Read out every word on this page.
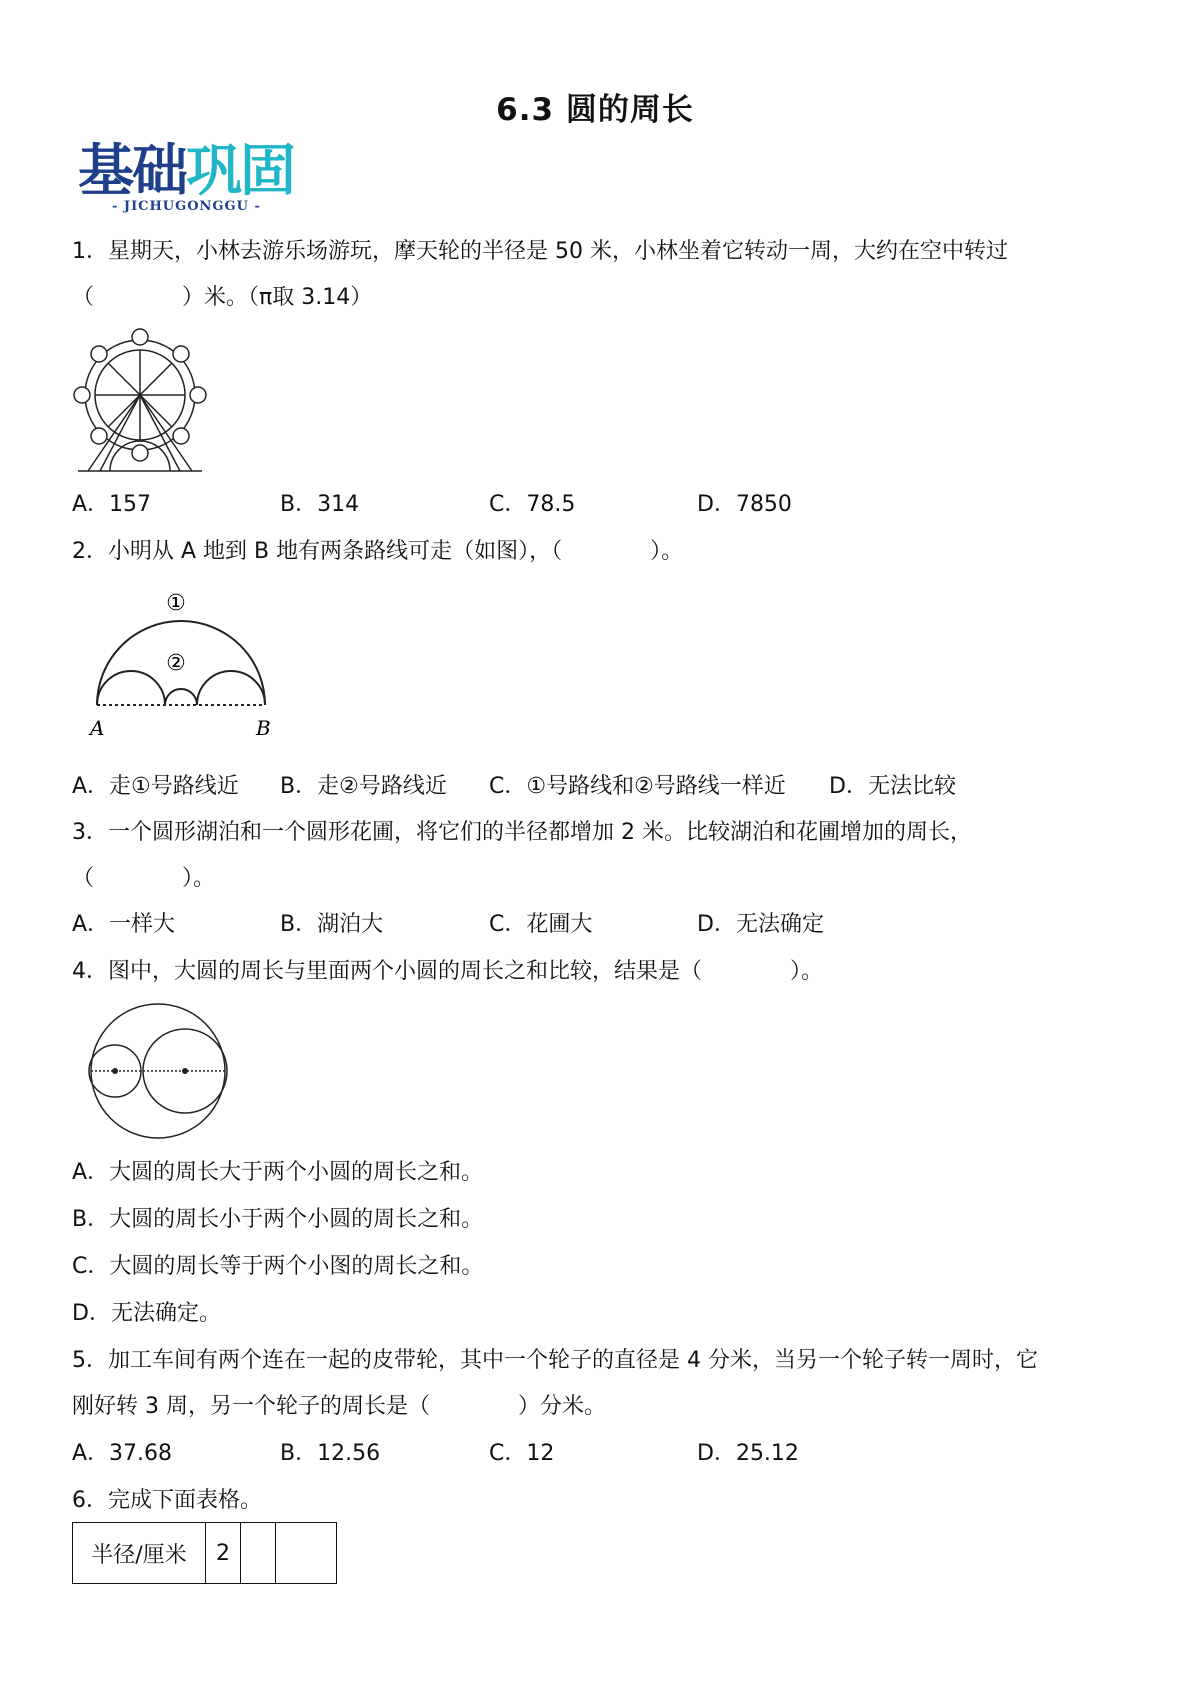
6.3 圆的周长
基础巩固
- JICHUGONGGU -
1．星期天，小林去游乐场游玩，摩天轮的半径是 50 米，小林坐着它转动一周，大约在空中转过
（　　　　）米。（π取 3.14）
A．157	B．314	C．78.5	D．7850
2．小明从 A 地到 B 地有两条路线可走（如图），（　　　　）。
①
②
A	B
A．走①号路线近 B．走②号路线近 C．①号路线和②号路线一样近 D．无法比较
3．一个圆形湖泊和一个圆形花圃，将它们的半径都增加 2 米。比较湖泊和花圃增加的周长，
（　　　　）。
A．一样大	B．湖泊大	C．花圃大	D．无法确定
4．图中，大圆的周长与里面两个小圆的周长之和比较，结果是（　　　　）。
A．大圆的周长大于两个小圆的周长之和。
B．大圆的周长小于两个小圆的周长之和。
C．大圆的周长等于两个小图的周长之和。
D．无法确定。
5．加工车间有两个连在一起的皮带轮，其中一个轮子的直径是 4 分米，当另一个轮子转一周时，它
刚好转 3 周，另一个轮子的周长是（　　　　）分米。
A．37.68	B．12.56	C．12	D．25.12
6．完成下面表格。
半径/厘米	2		
